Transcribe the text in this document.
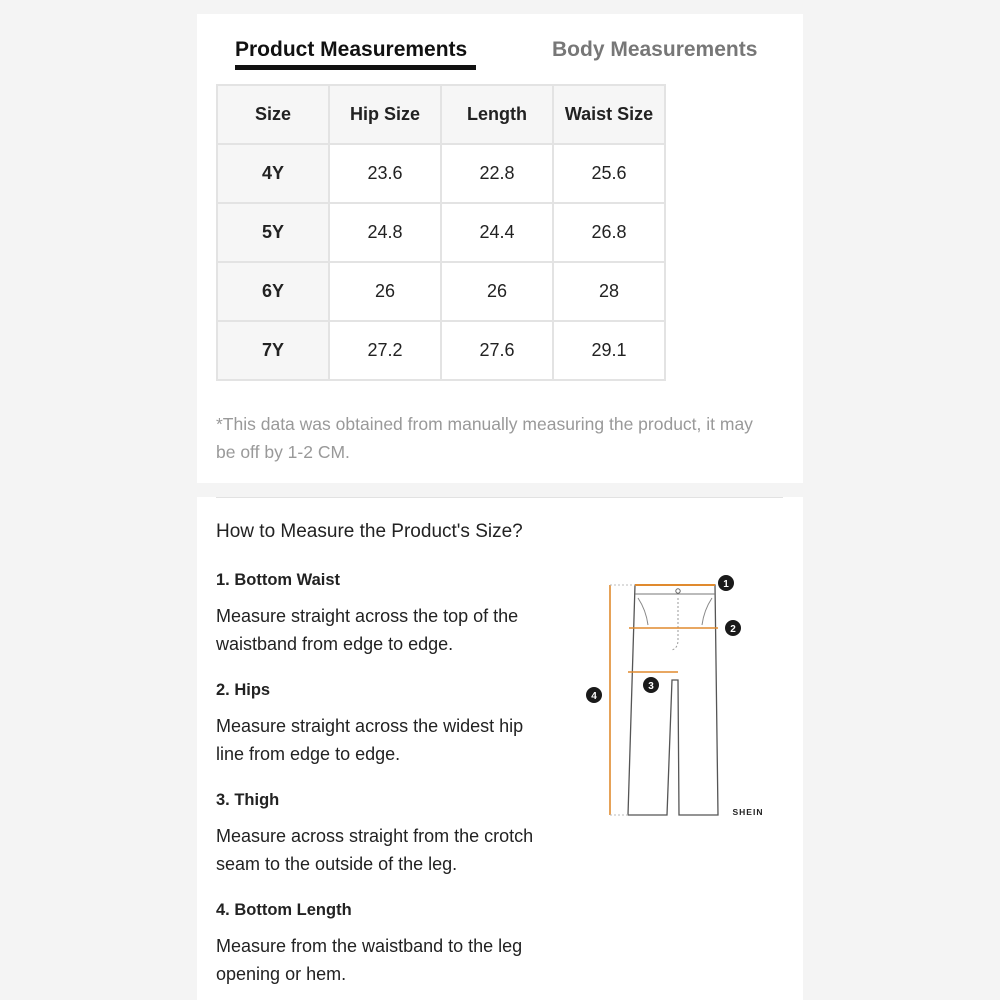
Product Measurements	Body Measurements
Size	Hip Size	Length	Waist Size
4Y	23.6	22.8	25.6
5Y	24.8	24.4	26.8
6Y	26	26	28
7Y	27.2	27.6	29.1
*This data was obtained from manually measuring the product, it may be off by 1-2 CM.
How to Measure the Product's Size?
1. Bottom Waist
Measure straight across the top of the waistband from edge to edge.
2. Hips
Measure straight across the widest hip line from edge to edge.
3. Thigh
Measure across straight from the crotch seam to the outside of the leg.
4. Bottom Length
Measure from the waistband to the leg opening or hem.
1
2
3
4
SHEIN
